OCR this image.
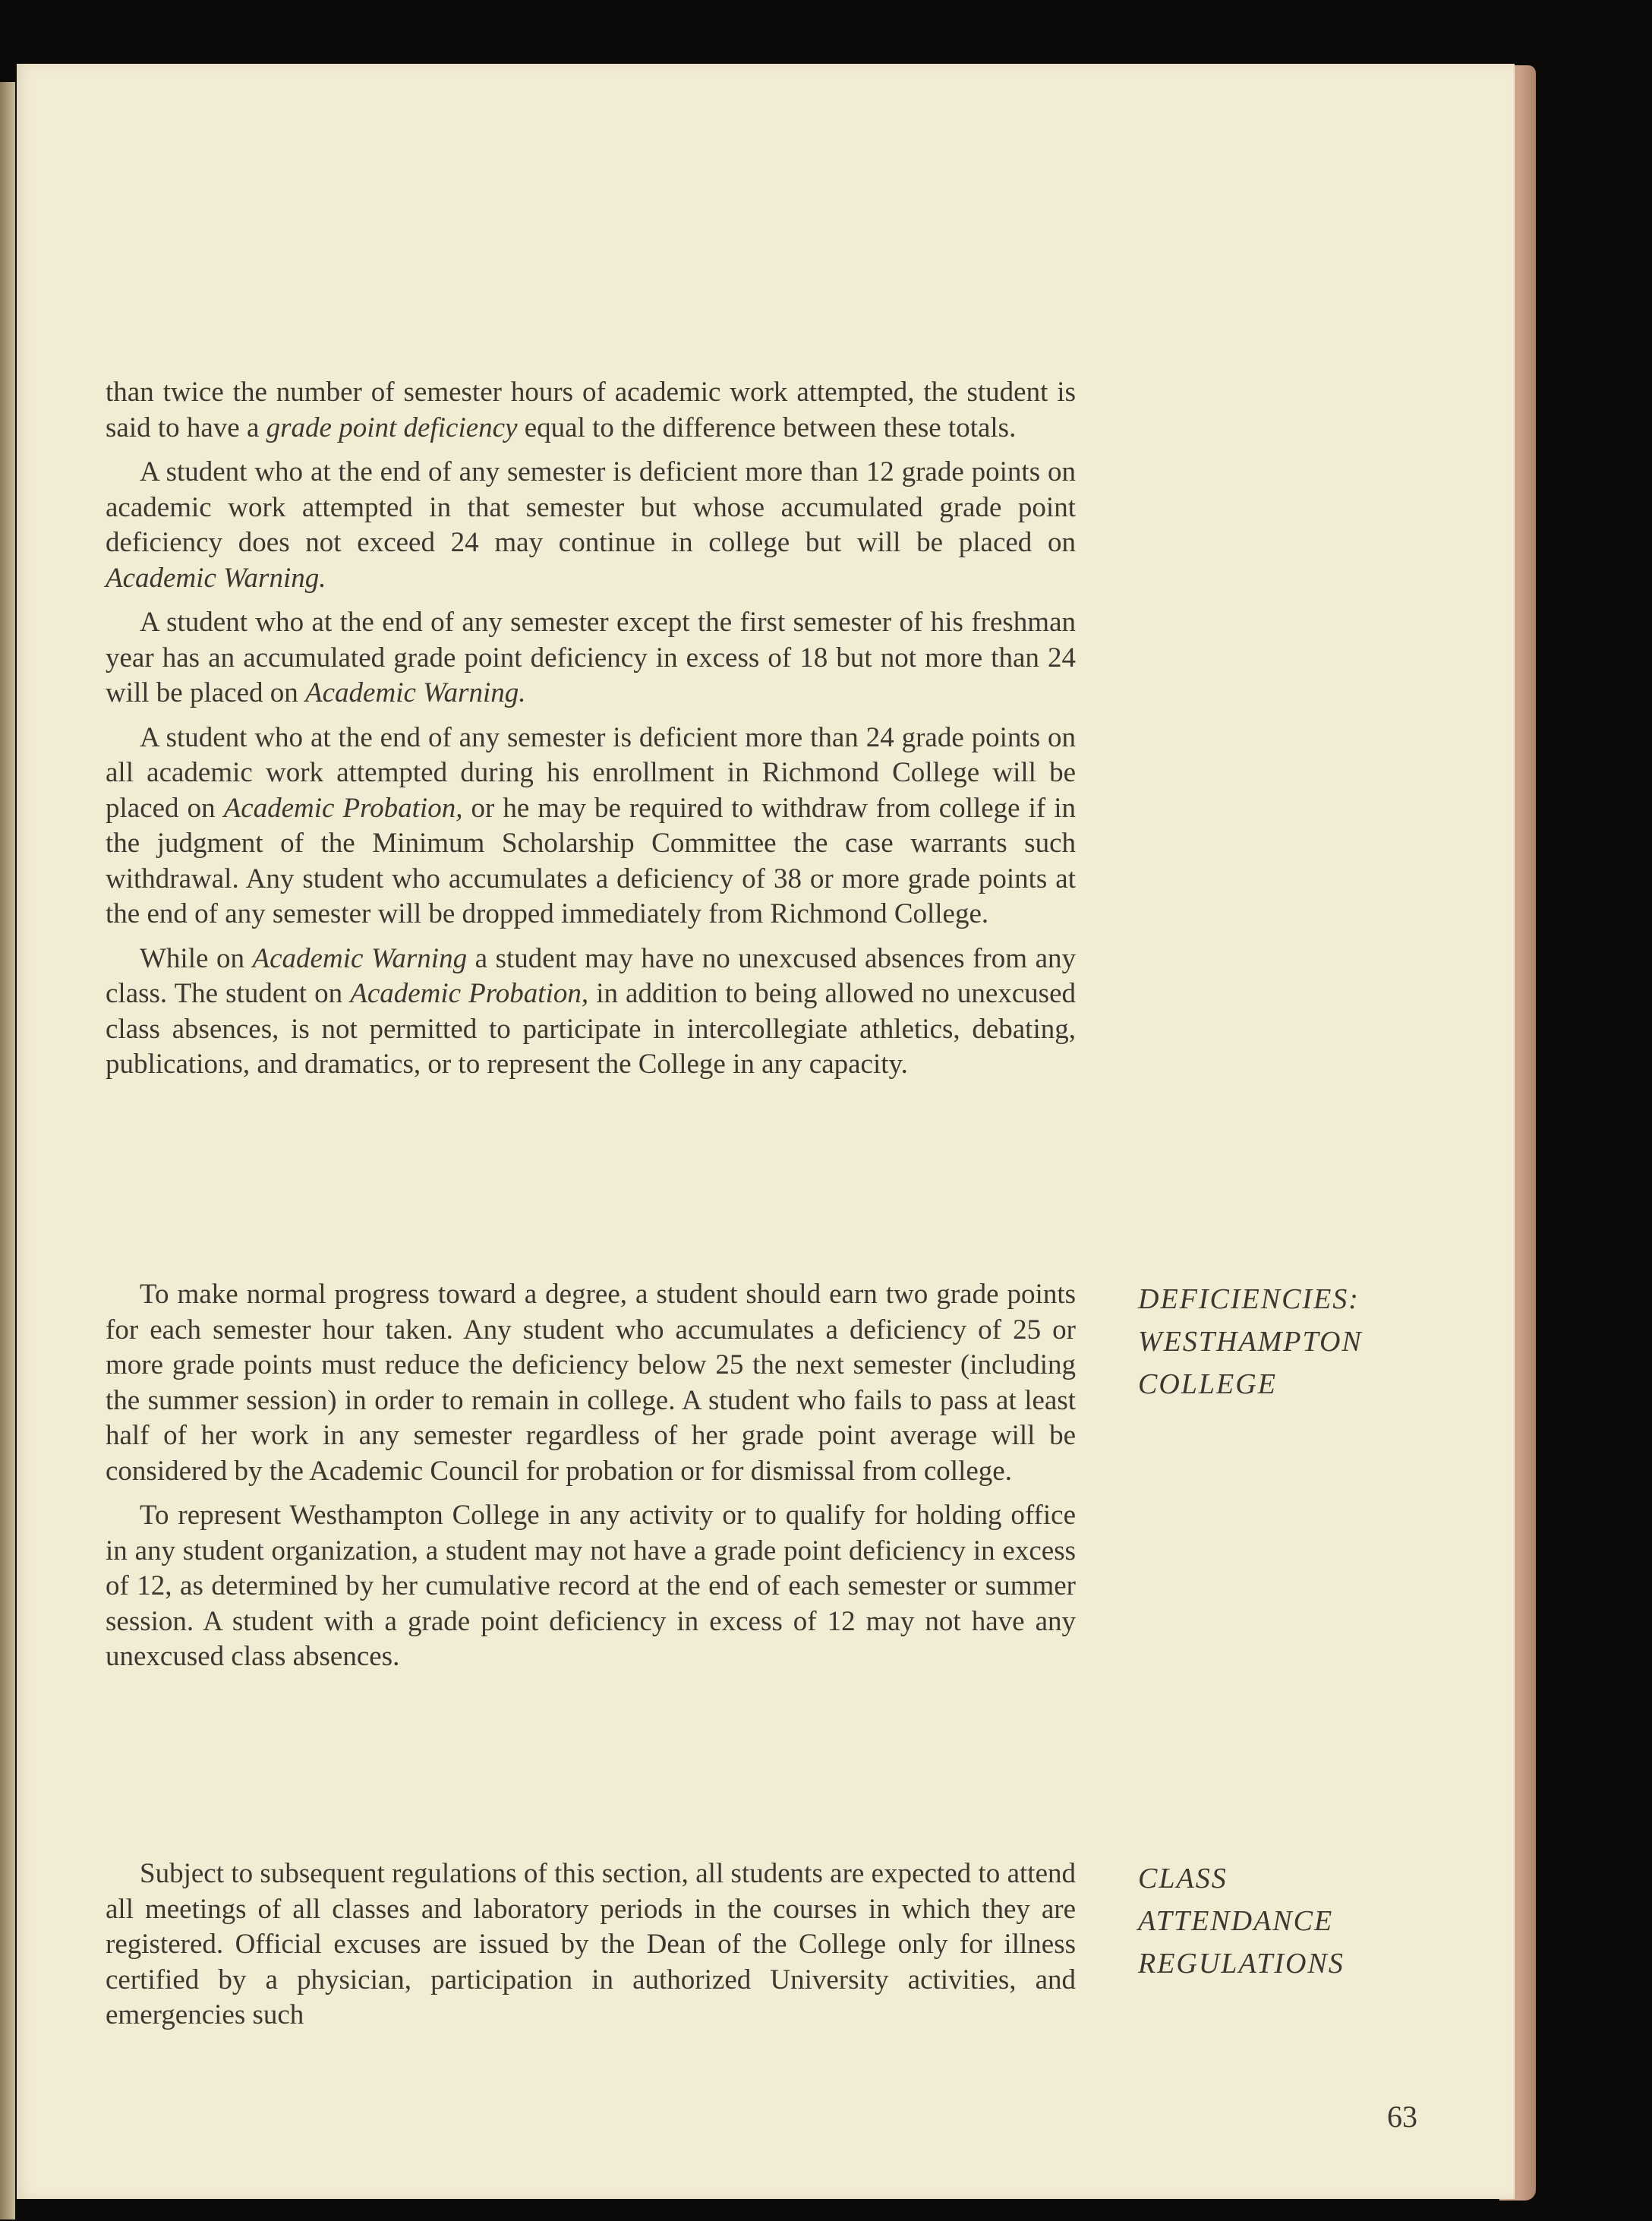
than twice the number of semester hours of academic work attempted, the student is said to have a grade point deficiency equal to the difference between these totals.

A student who at the end of any semester is deficient more than 12 grade points on academic work attempted in that semester but whose accumulated grade point deficiency does not exceed 24 may continue in college but will be placed on Academic Warning.

A student who at the end of any semester except the first semester of his freshman year has an accumulated grade point deficiency in excess of 18 but not more than 24 will be placed on Academic Warning.

A student who at the end of any semester is deficient more than 24 grade points on all academic work attempted during his enrollment in Richmond College will be placed on Academic Probation, or he may be required to withdraw from college if in the judgment of the Minimum Scholarship Committee the case warrants such withdrawal. Any student who accumulates a deficiency of 38 or more grade points at the end of any semester will be dropped immediately from Richmond College.

While on Academic Warning a student may have no unexcused absences from any class. The student on Academic Probation, in addition to being allowed no unexcused class absences, is not permitted to participate in intercollegiate athletics, debating, publications, and dramatics, or to represent the College in any capacity.

To make normal progress toward a degree, a student should earn two grade points for each semester hour taken. Any student who accumulates a deficiency of 25 or more grade points must reduce the deficiency below 25 the next semester (including the summer session) in order to remain in college. A student who fails to pass at least half of her work in any semester regardless of her grade point average will be considered by the Academic Council for probation or for dismissal from college.

To represent Westhampton College in any activity or to qualify for holding office in any student organization, a student may not have a grade point deficiency in excess of 12, as determined by her cumulative record at the end of each semester or summer session. A student with a grade point deficiency in excess of 12 may not have any unexcused class absences.

Subject to subsequent regulations of this section, all students are expected to attend all meetings of all classes and laboratory periods in the courses in which they are registered. Official excuses are issued by the Dean of the College only for illness certified by a physician, participation in authorized University activities, and emergencies such

DEFICIENCIES:
WESTHAMPTON
COLLEGE
CLASS
ATTENDANCE
REGULATIONS
63
